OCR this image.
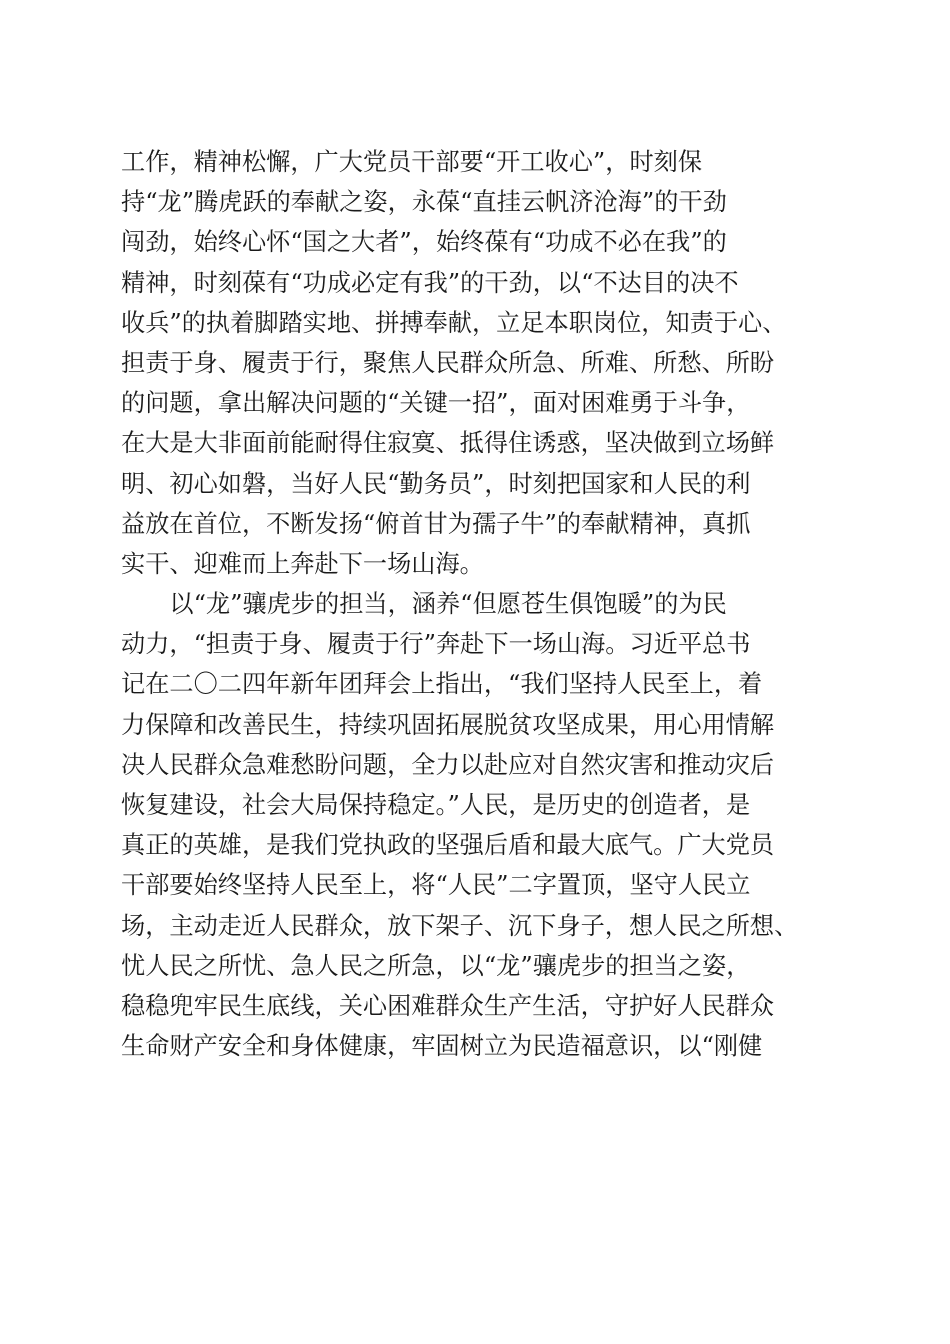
工作，精神松懈，广大党员干部要“开工收心”，时刻保
持“龙”腾虎跃的奉献之姿，永葆“直挂云帆济沧海”的干劲
闯劲，始终心怀“国之大者”，始终葆有“功成不必在我”的
精神，时刻葆有“功成必定有我”的干劲，以“不达目的决不
收兵”的执着脚踏实地、拼搏奉献，立足本职岗位，知责于心、
担责于身、履责于行，聚焦人民群众所急、所难、所愁、所盼
的问题，拿出解决问题的“关键一招”，面对困难勇于斗争，
在大是大非面前能耐得住寂寞、抵得住诱惑，坚决做到立场鲜
明、初心如磐，当好人民“勤务员”，时刻把国家和人民的利
益放在首位，不断发扬“俯首甘为孺子牛”的奉献精神，真抓
实干、迎难而上奔赴下一场山海。
　　以“龙”骧虎步的担当，涵养“但愿苍生俱饱暖”的为民
动力，“担责于身、履责于行”奔赴下一场山海。习近平总书
记在二〇二四年新年团拜会上指出，“我们坚持人民至上，着
力保障和改善民生，持续巩固拓展脱贫攻坚成果，用心用情解
决人民群众急难愁盼问题，全力以赴应对自然灾害和推动灾后
恢复建设，社会大局保持稳定。”人民，是历史的创造者，是
真正的英雄，是我们党执政的坚强后盾和最大底气。广大党员
干部要始终坚持人民至上，将“人民”二字置顶，坚守人民立
场，主动走近人民群众，放下架子、沉下身子，想人民之所想、
忧人民之所忧、急人民之所急，以“龙”骧虎步的担当之姿，
稳稳兜牢民生底线，关心困难群众生产生活，守护好人民群众
生命财产安全和身体健康，牢固树立为民造福意识，以“刚健
